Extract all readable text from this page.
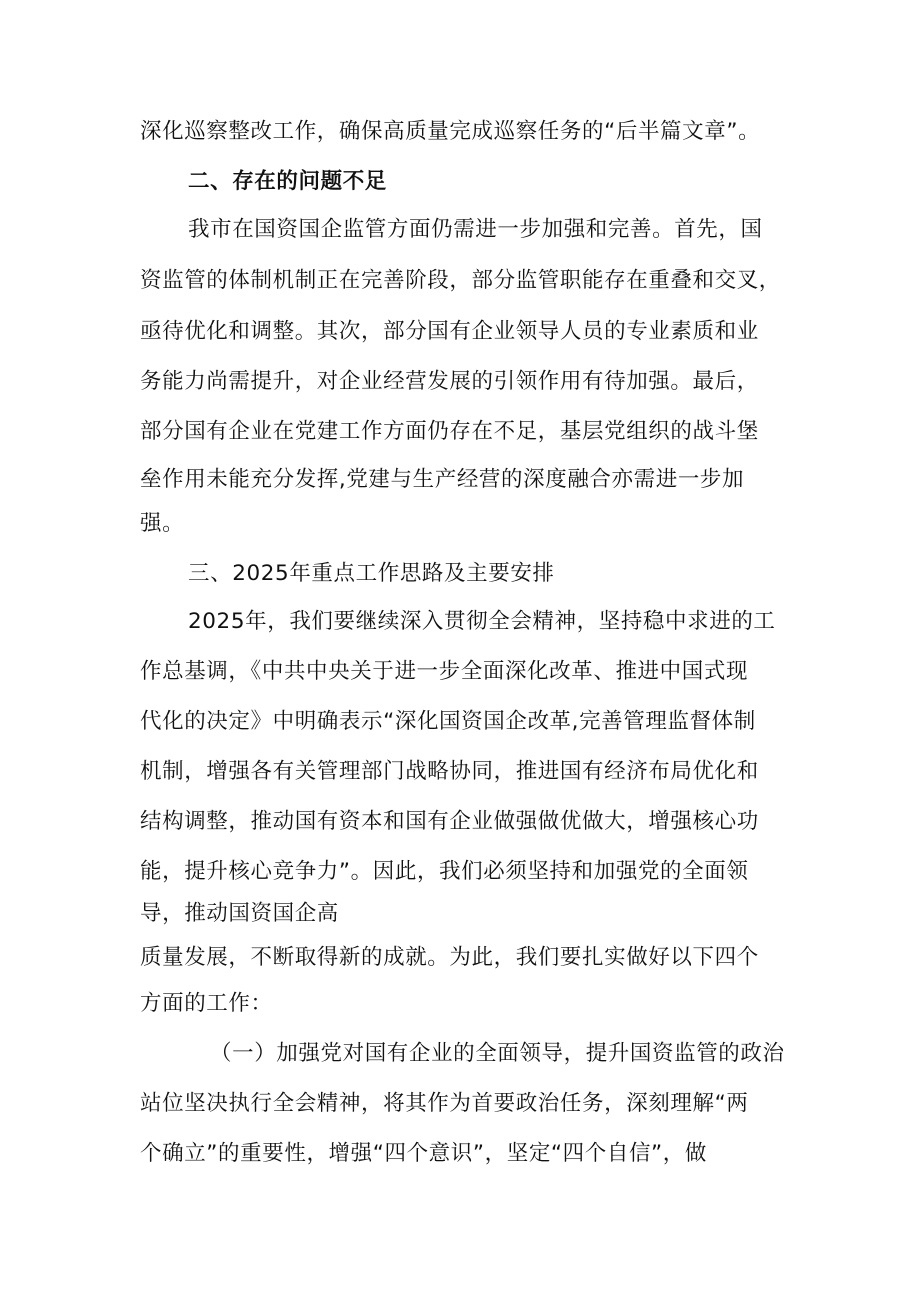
深化巡察整改工作，确保高质量完成巡察任务的“后半篇文章”。
二、存在的问题不足
我市在国资国企监管方面仍需进一步加强和完善。首先，国
资监管的体制机制正在完善阶段，部分监管职能存在重叠和交叉，
亟待优化和调整。其次，部分国有企业领导人员的专业素质和业
务能力尚需提升，对企业经营发展的引领作用有待加强。最后，
部分国有企业在党建工作方面仍存在不足，基层党组织的战斗堡
垒作用未能充分发挥,党建与生产经营的深度融合亦需进一步加
强。
三、2025年重点工作思路及主要安排
2025年，我们要继续深入贯彻全会精神，坚持稳中求进的工
作总基调，《中共中央关于进一步全面深化改革、推进中国式现
代化的决定》中明确表示“深化国资国企改革,完善管理监督体制
机制，增强各有关管理部门战略协同，推进国有经济布局优化和
结构调整，推动国有资本和国有企业做强做优做大，增强核心功
能，提升核心竞争力”。因此，我们必须坚持和加强党的全面领
导，推动国资国企高
质量发展，不断取得新的成就。为此，我们要扎实做好以下四个
方面的工作：
（一）加强党对国有企业的全面领导，提升国资监管的政治
站位坚决执行全会精神，将其作为首要政治任务，深刻理解“两
个确立”的重要性，增强“四个意识”，坚定“四个自信”，做
